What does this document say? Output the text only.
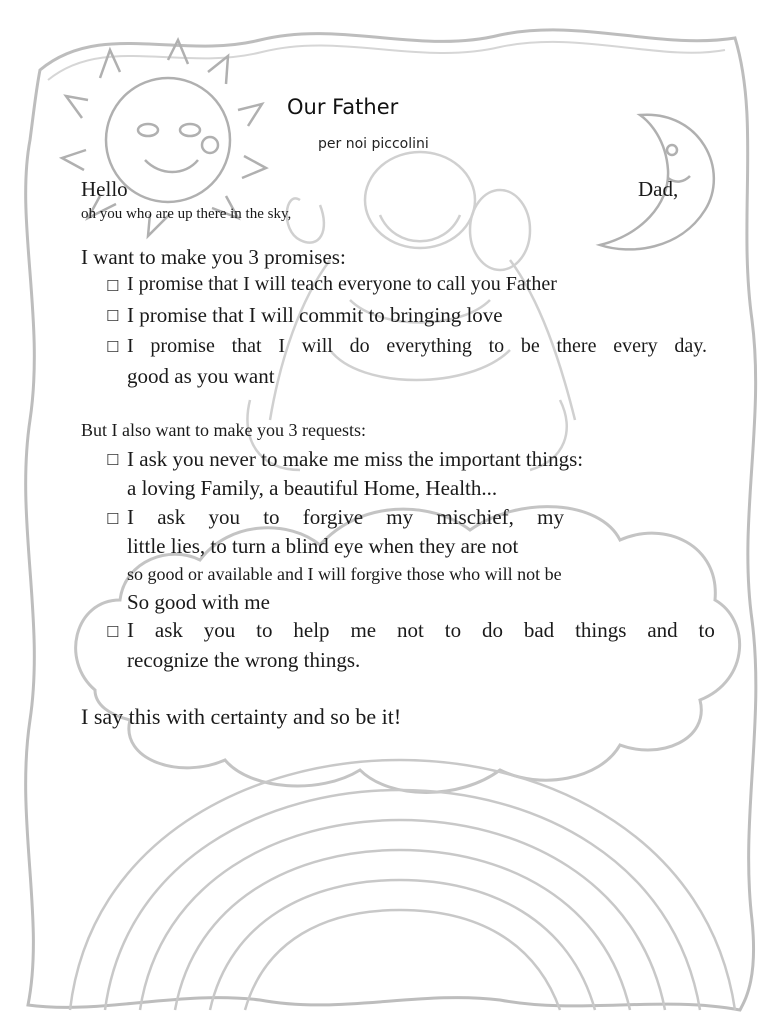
Our Father
per noi piccolini
Hello	Dad,
oh you who are up there in the sky,
I want to make you 3 promises:
☐ I promise that I will teach everyone to call you Father
☐ I promise that I will commit to bringing love
☐ I promise that I will do everything to be there every day.
good as you want
But I also want to make you 3 requests:
☐ I ask you never to make me miss the important things:
a loving Family, a beautiful Home, Health...
☐ I ask you to forgive my mischief, my
little lies, to turn a blind eye when they are not
so good or available and I will forgive those who will not be
So good with me
☐ I ask you to help me not to do bad things and to
recognize the wrong things.
I say this with certainty and so be it!
